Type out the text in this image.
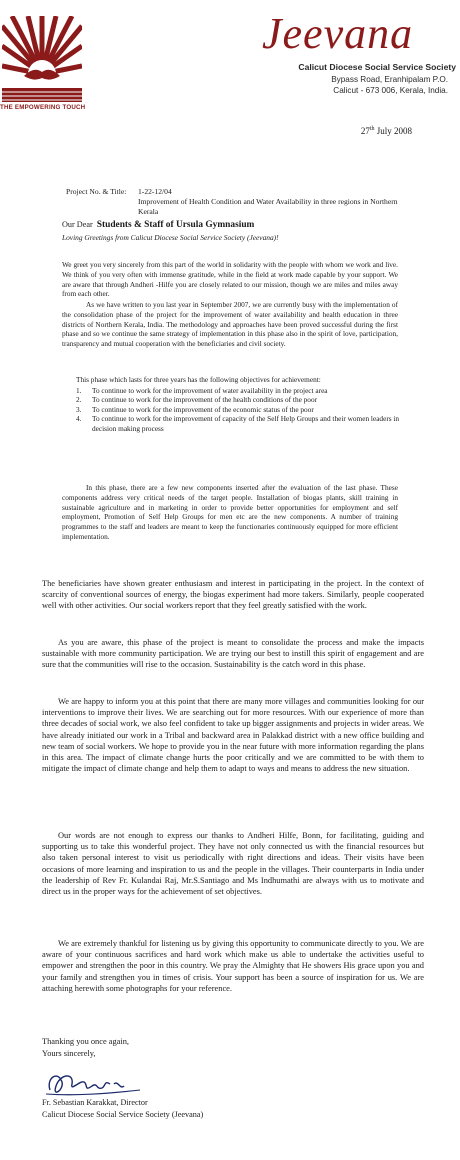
THE EMPOWERING TOUCH
Jeevana
Calicut Diocese Social Service Society
Bypass Road, Eranhipalam P.O.
Calicut - 673 006, Kerala, India.
27th July 2008
Project No. & Title: 1-22-12/04
Improvement of Health Condition and Water Availability in three regions in Northern Kerala
Our Dear Students & Staff of Ursula Gymnasium
Loving Greetings from Calicut Diocese Social Service Society (Jeevana)!

We greet you very sincerely from this part of the world in solidarity with the people with whom we work and live. We think of you very often with immense gratitude, while in the field at work made capable by your support. We are aware that through Andheri -Hilfe you are closely related to our mission, though we are miles and miles away from each other.

As we have written to you last year in September 2007, we are currently busy with the implementation of the consolidation phase of the project for the improvement of water availability and health education in three districts of Northern Kerala, India. The methodology and approaches have been proved successful during the first phase and so we continue the same strategy of implementation in this phase also in the spirit of love, participation, transparency and mutual cooperation with the beneficiaries and civil society.

This phase which lasts for three years has the following objectives for achievement:
1.	To continue to work for the improvement of water availability in the project area
2.	To continue to work for the improvement of the health conditions of the poor
3.	To continue to work for the improvement of the economic status of the poor
4.	To continue to work for the improvement of capacity of the Self Help Groups and their women leaders in decision making process

In this phase, there are a few new components inserted after the evaluation of the last phase. These components address very critical needs of the target people. Installation of biogas plants, skill training in sustainable agriculture and in marketing in order to provide better opportunities for employment and self employment, Promotion of Self Help Groups for men etc are the new components. A number of training programmes to the staff and leaders are meant to keep the functionaries continuously equipped for more efficient implementation.

The beneficiaries have shown greater enthusiasm and interest in participating in the project. In the context of scarcity of conventional sources of energy, the biogas experiment had more takers. Similarly, people cooperated well with other activities. Our social workers report that they feel greatly satisfied with the work.

As you are aware, this phase of the project is meant to consolidate the process and make the impacts sustainable with more community participation. We are trying our best to instill this spirit of engagement and are sure that the communities will rise to the occasion. Sustainability is the catch word in this phase.

We are happy to inform you at this point that there are many more villages and communities looking for our interventions to improve their lives. We are searching out for more resources. With our experience of more than three decades of social work, we also feel confident to take up bigger assignments and projects in wider areas. We have already initiated our work in a Tribal and backward area in Palakkad district with a new office building and new team of social workers. We hope to provide you in the near future with more information regarding the plans in this area. The impact of climate change hurts the poor critically and we are committed to be with them to mitigate the impact of climate change and help them to adapt to ways and means to address the new situation.

Our words are not enough to express our thanks to Andheri Hilfe, Bonn, for facilitating, guiding and supporting us to take this wonderful project. They have not only connected us with the financial resources but also taken personal interest to visit us periodically with right directions and ideas. Their visits have been occasions of more learning and inspiration to us and the people in the villages. Their counterparts in India under the leadership of Rev Fr. Kulandai Raj, Mr.S.Santiago and Ms Indhumathi are always with us to motivate and direct us in the proper ways for the achievement of set objectives.

We are extremely thankful for listening us by giving this opportunity to communicate directly to you. We are aware of your continuous sacrifices and hard work which make us able to undertake the activities useful to empower and strengthen the poor in this country. We pray the Almighty that He showers His grace upon you and your family and strengthen you in times of crisis. Your support has been a source of inspiration for us. We are attaching herewith some photographs for your reference.

Thanking you once again,
Yours sincerely,
Fr. Sebastian Karakkat, Director
Calicut Diocese Social Service Society (Jeevana)
